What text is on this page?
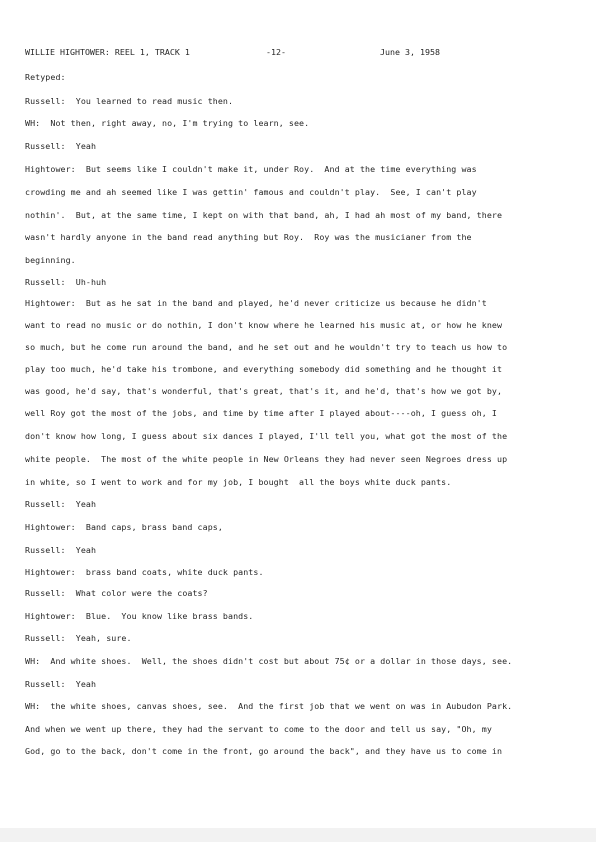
WILLIE HIGHTOWER: REEL 1, TRACK 1	-12-	June 3, 1958
Retyped:
Russell:  You learned to read music then.
WH:  Not then, right away, no, I'm trying to learn, see.
Russell:  Yeah
Hightower:  But seems like I couldn't make it, under Roy.  And at the time everything was
crowding me and ah seemed like I was gettin' famous and couldn't play.  See, I can't play
nothin'.  But, at the same time, I kept on with that band, ah, I had ah most of my band, there
wasn't hardly anyone in the band read anything but Roy.  Roy was the musicianer from the
beginning.
Russell:  Uh-huh
Hightower:  But as he sat in the band and played, he'd never criticize us because he didn't
want to read no music or do nothin, I don't know where he learned his music at, or how he knew
so much, but he come run around the band, and he set out and he wouldn't try to teach us how to
play too much, he'd take his trombone, and everything somebody did something and he thought it
was good, he'd say, that's wonderful, that's great, that's it, and he'd, that's how we got by,
well Roy got the most of the jobs, and time by time after I played about----oh, I guess oh, I
don't know how long, I guess about six dances I played, I'll tell you, what got the most of the
white people.  The most of the white people in New Orleans they had never seen Negroes dress up
in white, so I went to work and for my job, I bought  all the boys white duck pants.
Russell:  Yeah
Hightower:  Band caps, brass band caps,
Russell:  Yeah
Hightower:  brass band coats, white duck pants.
Russell:  What color were the coats?
Hightower:  Blue.  You know like brass bands.
Russell:  Yeah, sure.
WH:  And white shoes.  Well, the shoes didn't cost but about 75¢ or a dollar in those days, see.
Russell:  Yeah
WH:  the white shoes, canvas shoes, see.  And the first job that we went on was in Aubudon Park.
And when we went up there, they had the servant to come to the door and tell us say, "Oh, my
God, go to the back, don't come in the front, go around the back", and they have us to come in
